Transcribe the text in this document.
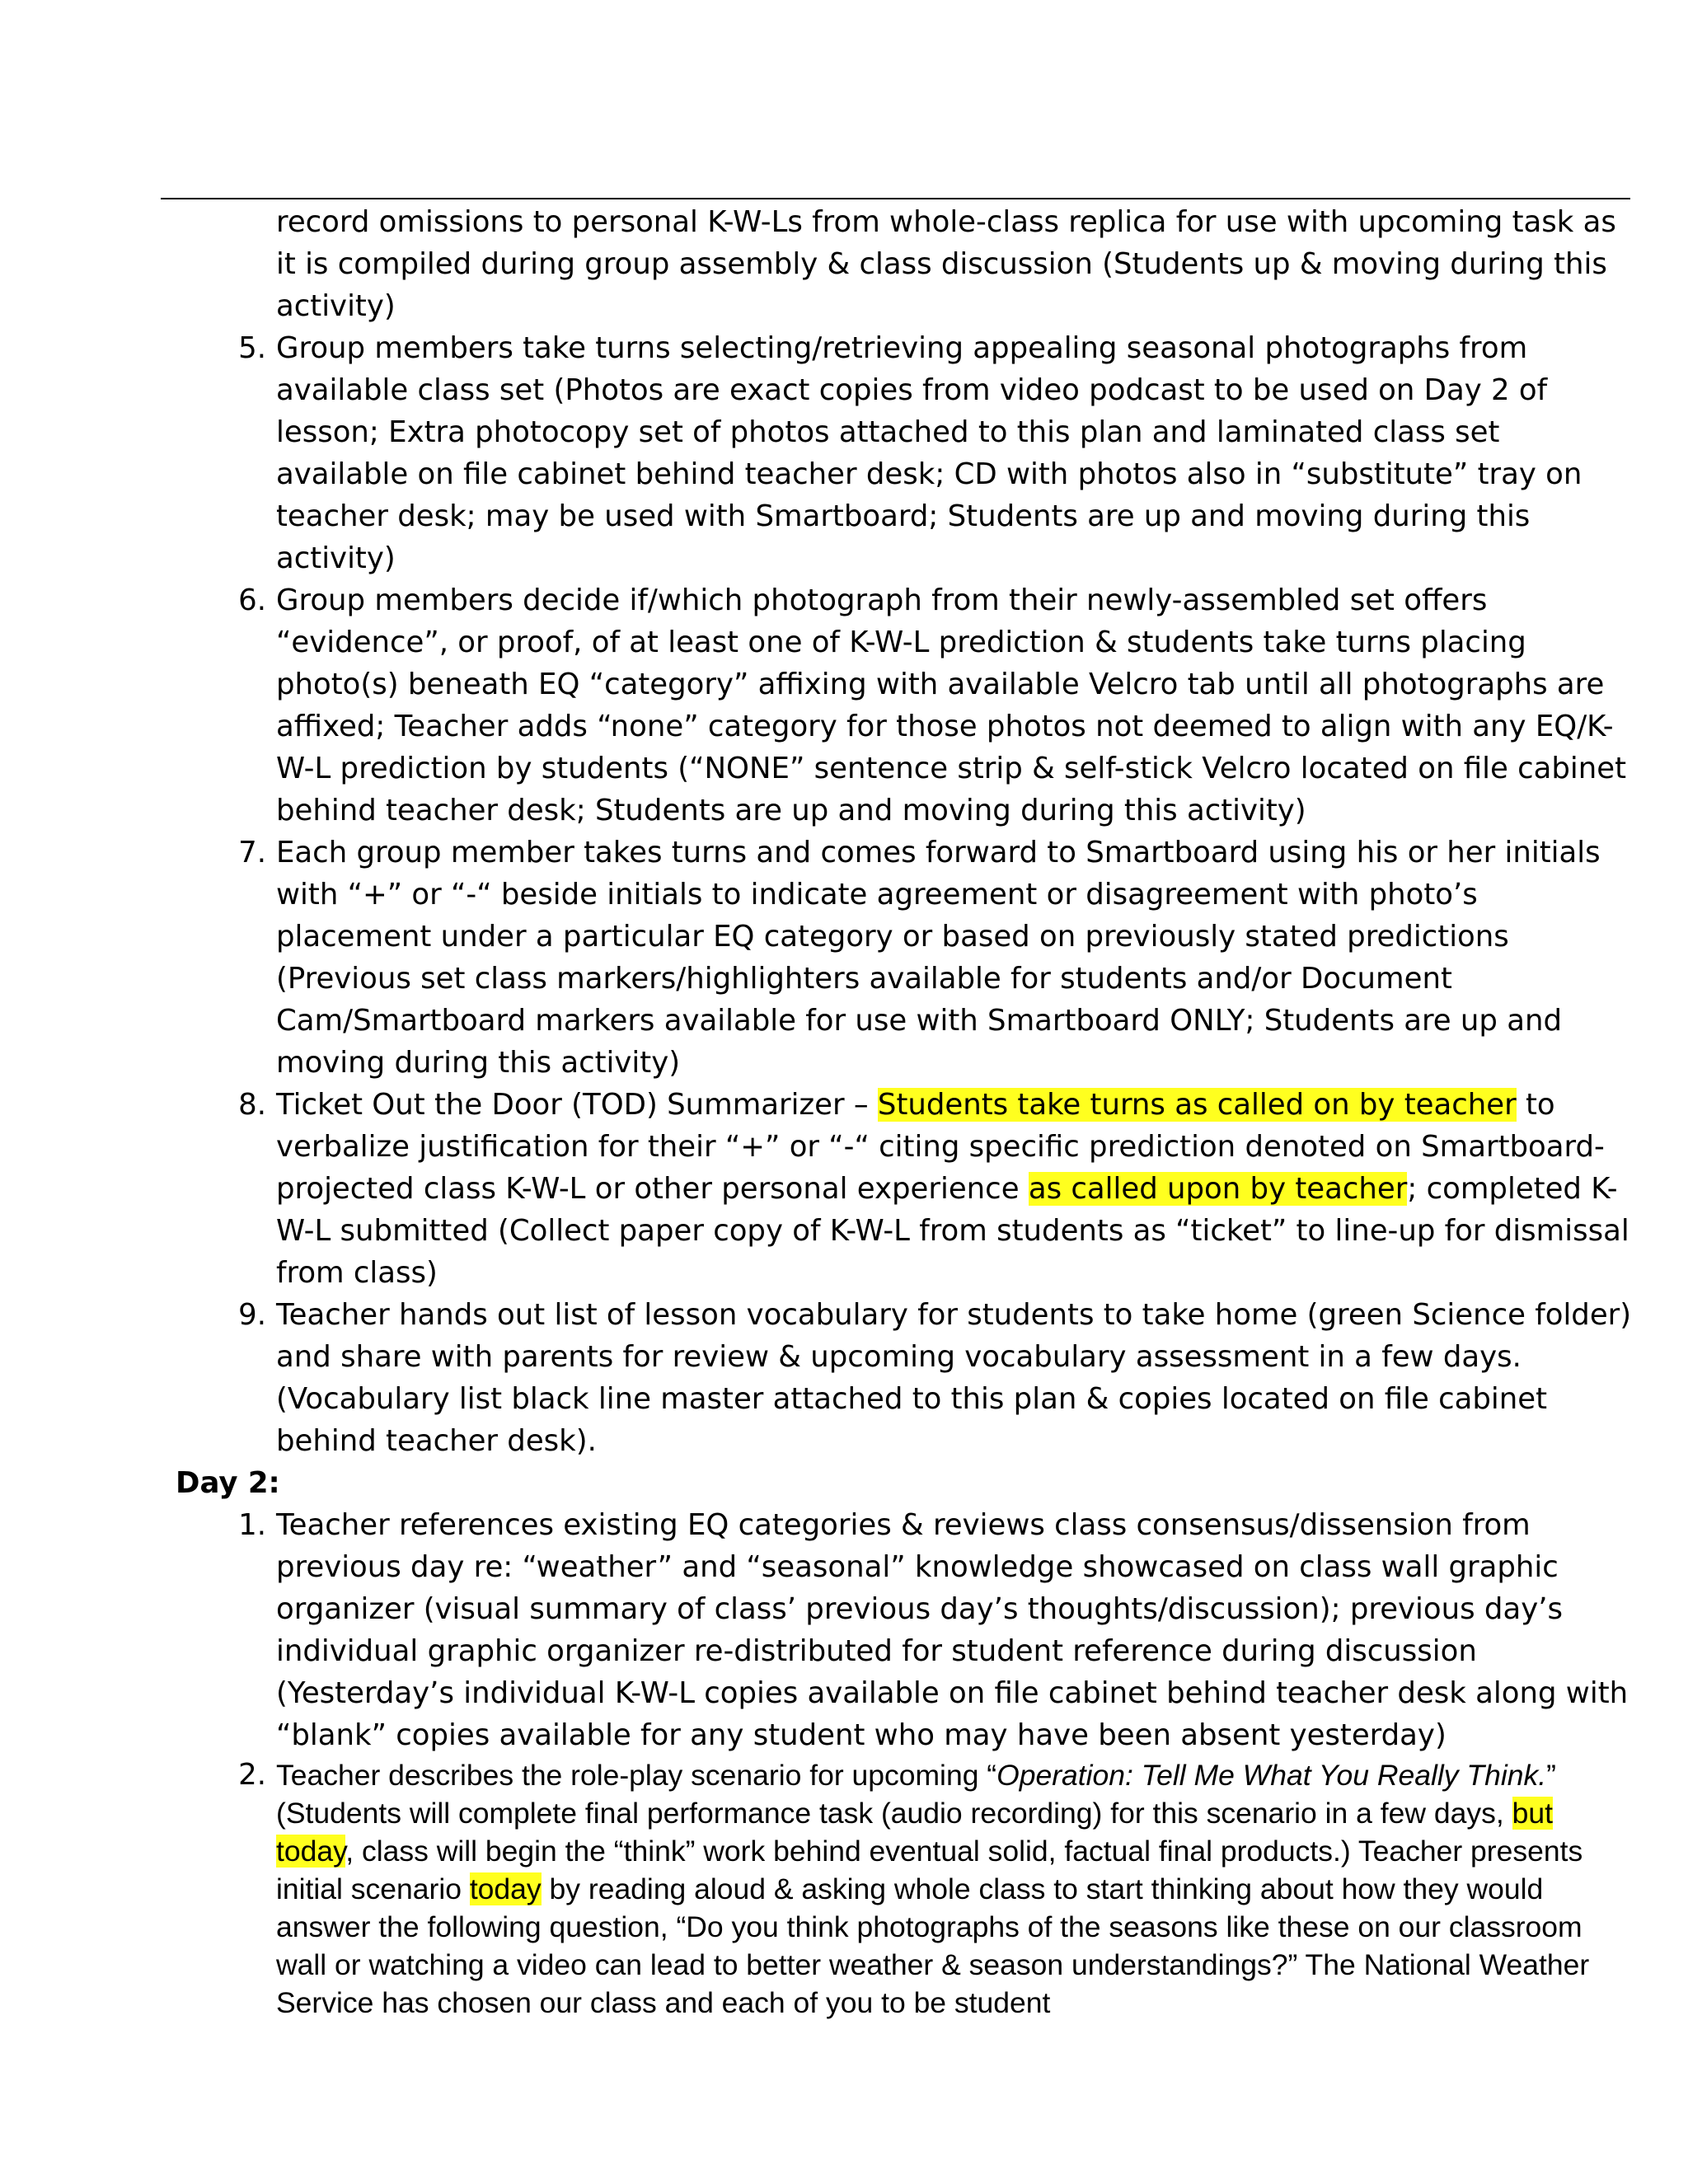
record omissions to personal K-W-Ls from whole-class replica for use with upcoming task as it is compiled during group assembly & class discussion (Students up & moving during this activity)
5. Group members take turns selecting/retrieving appealing seasonal photographs from available class set (Photos are exact copies from video podcast to be used on Day 2 of lesson; Extra photocopy set of photos attached to this plan and laminated class set available on file cabinet behind teacher desk; CD with photos also in “substitute” tray on teacher desk; may be used with Smartboard; Students are up and moving during this activity)
6. Group members decide if/which photograph from their newly-assembled set offers “evidence”, or proof, of at least one of K-W-L prediction & students take turns placing photo(s) beneath EQ “category” affixing with available Velcro tab until all photographs are affixed; Teacher adds “none” category for those photos not deemed to align with any EQ/K-W-L prediction by students (“NONE” sentence strip & self-stick Velcro located on file cabinet behind teacher desk; Students are up and moving during this activity)
7. Each group member takes turns and comes forward to Smartboard using his or her initials with “+” or “-“ beside initials to indicate agreement or disagreement with photo’s placement under a particular EQ category or based on previously stated predictions (Previous set class markers/highlighters available for students and/or Document Cam/Smartboard markers available for use with Smartboard ONLY; Students are up and moving during this activity)
8. Ticket Out the Door (TOD) Summarizer – Students take turns as called on by teacher to verbalize justification for their “+” or “-“ citing specific prediction denoted on Smartboard-projected class K-W-L or other personal experience as called upon by teacher; completed K-W-L submitted (Collect paper copy of K-W-L from students as “ticket” to line-up for dismissal from class)
9. Teacher hands out list of lesson vocabulary for students to take home (green Science folder) and share with parents for review & upcoming vocabulary assessment in a few days. (Vocabulary list black line master attached to this plan & copies located on file cabinet behind teacher desk).
Day 2:
1. Teacher references existing EQ categories & reviews class consensus/dissension from previous day re: “weather” and “seasonal” knowledge showcased on class wall graphic organizer (visual summary of class’ previous day’s thoughts/discussion); previous day’s individual graphic organizer re-distributed for student reference during discussion (Yesterday’s individual K-W-L copies available on file cabinet behind teacher desk along with “blank” copies available for any student who may have been absent yesterday)
2. Teacher describes the role-play scenario for upcoming “Operation: Tell Me What You Really Think.” (Students will complete final performance task (audio recording) for this scenario in a few days, but today, class will begin the “think” work behind eventual solid, factual final products.) Teacher presents initial scenario today by reading aloud & asking whole class to start thinking about how they would answer the following question, “Do you think photographs of the seasons like these on our classroom wall or watching a video can lead to better weather & season understandings?” The National Weather Service has chosen our class and each of you to be student
